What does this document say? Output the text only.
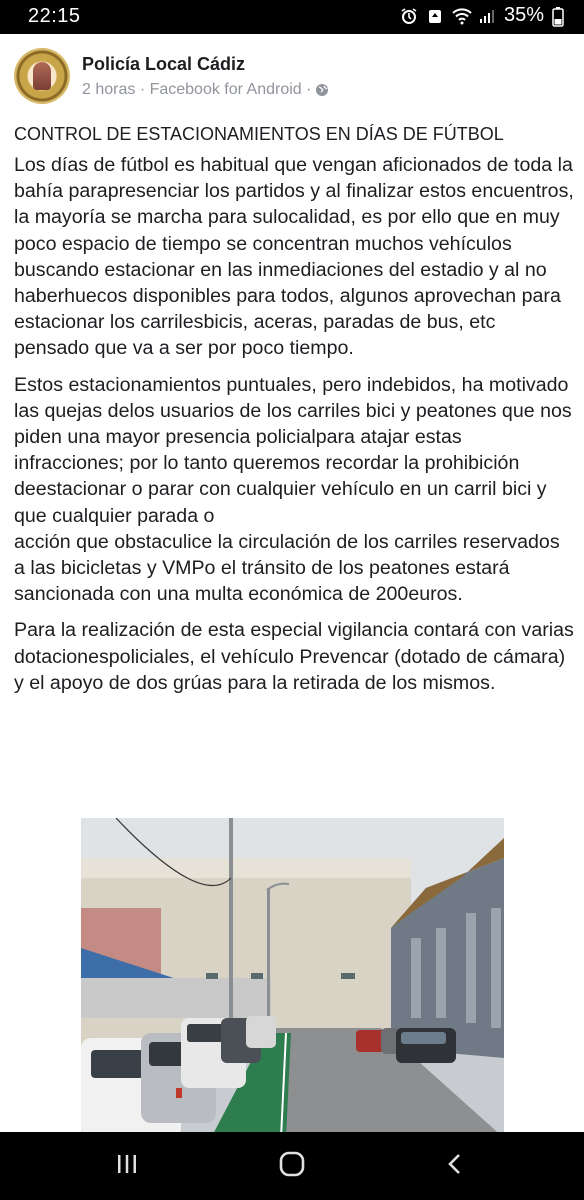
22:15	35%
Policía Local Cádiz
2 horas · Facebook for Android ·

CONTROL DE ESTACIONAMIENTOS EN DÍAS DE FÚTBOL

Los días de fútbol es habitual que vengan aficionados de toda la bahía parapresenciar los partidos y al finalizar estos encuentros, la mayoría se marcha para sulocalidad, es por ello que en muy poco espacio de tiempo se concentran muchos vehículos buscando estacionar en las inmediaciones del estadio y al no haberhuecos disponibles para todos, algunos aprovechan para estacionar los carrilesbicis, aceras, paradas de bus, etc pensado que va a ser por poco tiempo.

Estos estacionamientos puntuales, pero indebidos, ha motivado las quejas delos usuarios de los carriles bici y peatones que nos piden una mayor presencia policialpara atajar estas infracciones; por lo tanto queremos recordar la prohibición deestacionar o parar con cualquier vehículo en un carril bici y que cualquier parada o

acción que obstaculice la circulación de los carriles reservados a las bicicletas y VMPo el tránsito de los peatones estará sancionada con una multa económica de 200euros.

Para la realización de esta especial vigilancia contará con varias dotacionespoliciales, el vehículo Prevencar (dotado de cámara) y el apoyo de dos grúas para la retirada de los mismos.
